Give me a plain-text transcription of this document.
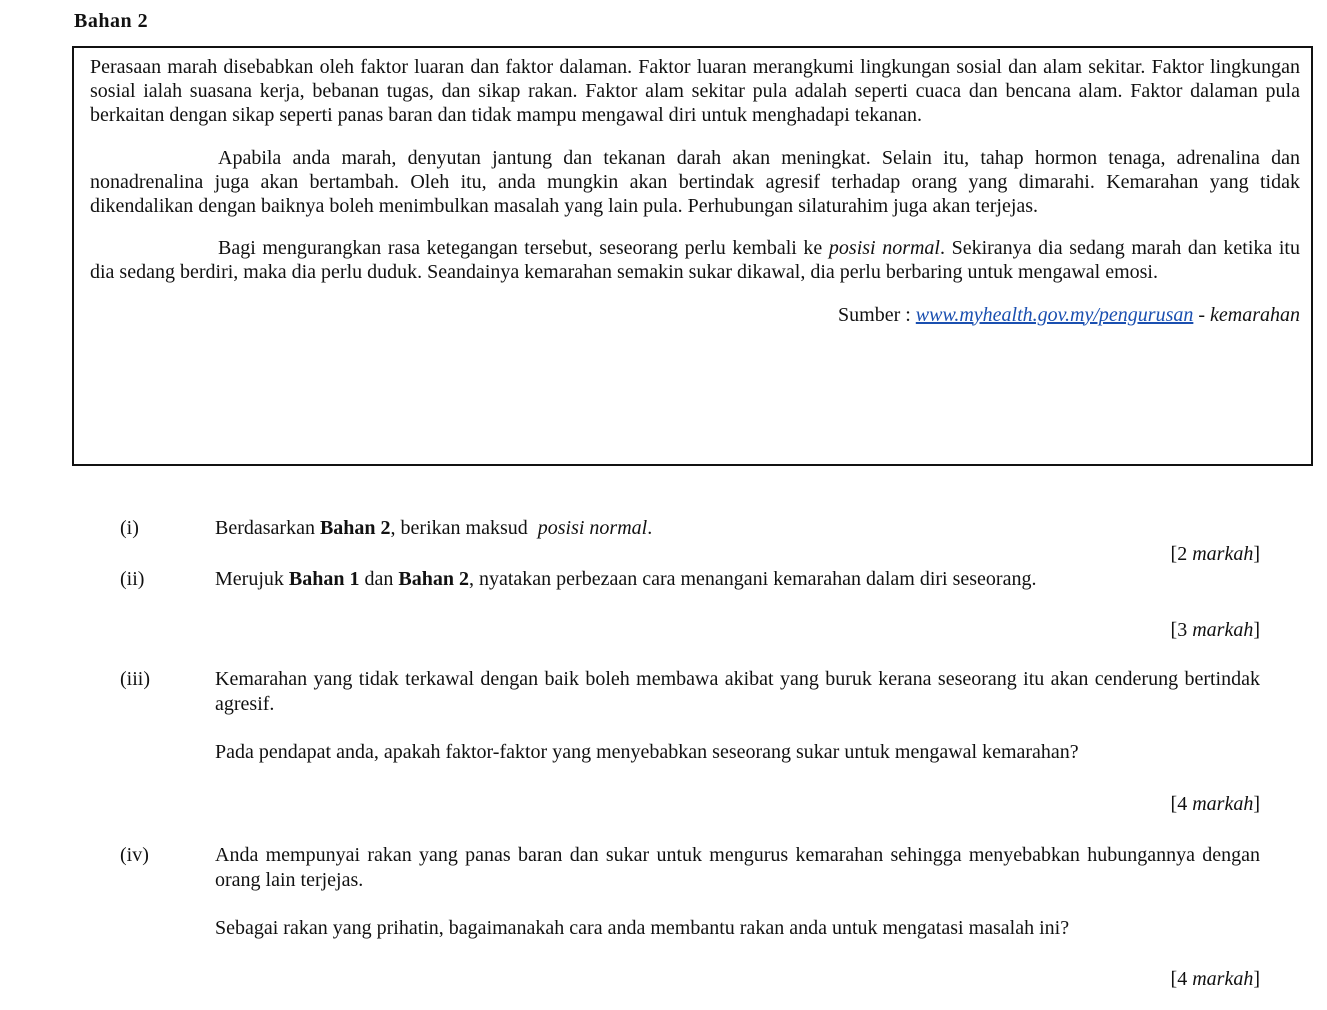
Bahan 2

Perasaan marah disebabkan oleh faktor luaran dan faktor dalaman. Faktor luaran merangkumi lingkungan sosial dan alam sekitar. Faktor lingkungan sosial ialah suasana kerja, bebanan tugas, dan sikap rakan. Faktor alam sekitar pula adalah seperti cuaca dan bencana alam. Faktor dalaman pula berkaitan dengan sikap seperti panas baran dan tidak mampu mengawal diri untuk menghadapi tekanan.

Apabila anda marah, denyutan jantung dan tekanan darah akan meningkat. Selain itu, tahap hormon tenaga, adrenalina dan nonadrenalina juga akan bertambah. Oleh itu, anda mungkin akan bertindak agresif terhadap orang yang dimarahi. Kemarahan yang tidak dikendalikan dengan baiknya boleh menimbulkan masalah yang lain pula. Perhubungan silaturahim juga akan terjejas.

Bagi mengurangkan rasa ketegangan tersebut, seseorang perlu kembali ke posisi normal. Sekiranya dia sedang marah dan ketika itu dia sedang berdiri, maka dia perlu duduk. Seandainya kemarahan semakin sukar dikawal, dia perlu berbaring untuk mengawal emosi.

Sumber : www.myhealth.gov.my/pengurusan - kemarahan

(i)	Berdasarkan Bahan 2, berikan maksud posisi normal.
[2 markah]
(ii)	Merujuk Bahan 1 dan Bahan 2, nyatakan perbezaan cara menangani kemarahan dalam diri seseorang.
[3 markah]
(iii)	Kemarahan yang tidak terkawal dengan baik boleh membawa akibat yang buruk kerana seseorang itu akan cenderung bertindak agresif.

Pada pendapat anda, apakah faktor-faktor yang menyebabkan seseorang sukar untuk mengawal kemarahan?

[4 markah]
(iv)	Anda mempunyai rakan yang panas baran dan sukar untuk mengurus kemarahan sehingga menyebabkan hubungannya dengan orang lain terjejas.

Sebagai rakan yang prihatin, bagaimanakah cara anda membantu rakan anda untuk mengatasi masalah ini?

[4 markah]
